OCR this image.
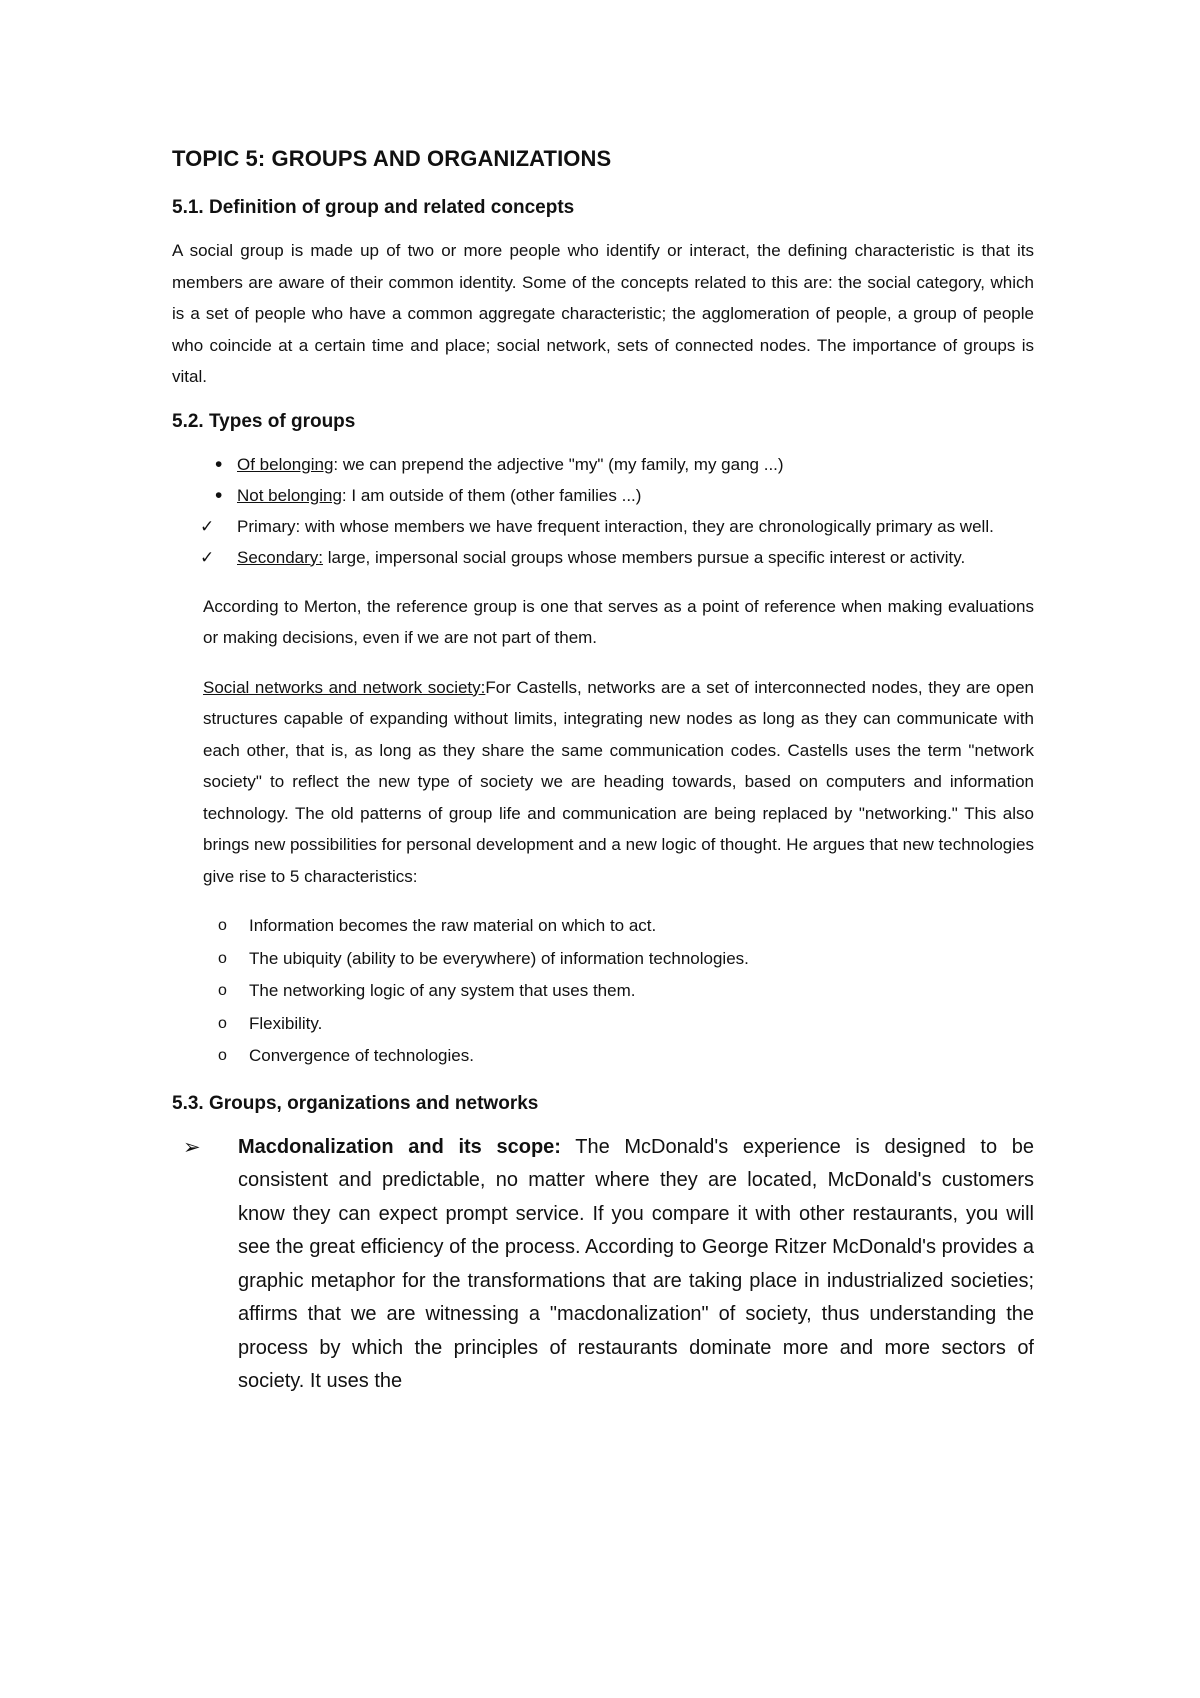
TOPIC 5: GROUPS AND ORGANIZATIONS
5.1. Definition of group and related concepts

A social group is made up of two or more people who identify or interact, the defining characteristic is that its members are aware of their common identity. Some of the concepts related to this are: the social category, which is a set of people who have a common aggregate characteristic; the agglomeration of people, a group of people who coincide at a certain time and place; social network, sets of connected nodes. The importance of groups is vital.

5.2. Types of groups
• Of belonging: we can prepend the adjective "my" (my family, my gang ...)
• Not belonging: I am outside of them (other families ...)
✓ Primary: with whose members we have frequent interaction, they are chronologically primary as well.
✓ Secondary: large, impersonal social groups whose members pursue a specific interest or activity.

According to Merton, the reference group is one that serves as a point of reference when making evaluations or making decisions, even if we are not part of them.

Social networks and network society:For Castells, networks are a set of interconnected nodes, they are open structures capable of expanding without limits, integrating new nodes as long as they can communicate with each other, that is, as long as they share the same communication codes. Castells uses the term "network society" to reflect the new type of society we are heading towards, based on computers and information technology. The old patterns of group life and communication are being replaced by "networking." This also brings new possibilities for personal development and a new logic of thought. He argues that new technologies give rise to 5 characteristics:

o Information becomes the raw material on which to act.
o The ubiquity (ability to be everywhere) of information technologies.
o The networking logic of any system that uses them.
o Flexibility.
o Convergence of technologies.
5.3. Groups, organizations and networks
➢ Macdonalization and its scope: The McDonald's experience is designed to be consistent and predictable, no matter where they are located, McDonald's customers know they can expect prompt service. If you compare it with other restaurants, you will see the great efficiency of the process. According to George Ritzer McDonald's provides a graphic metaphor for the transformations that are taking place in industrialized societies; affirms that we are witnessing a "macdonalization" of society, thus understanding the process by which the principles of restaurants dominate more and more sectors of society. It uses the
